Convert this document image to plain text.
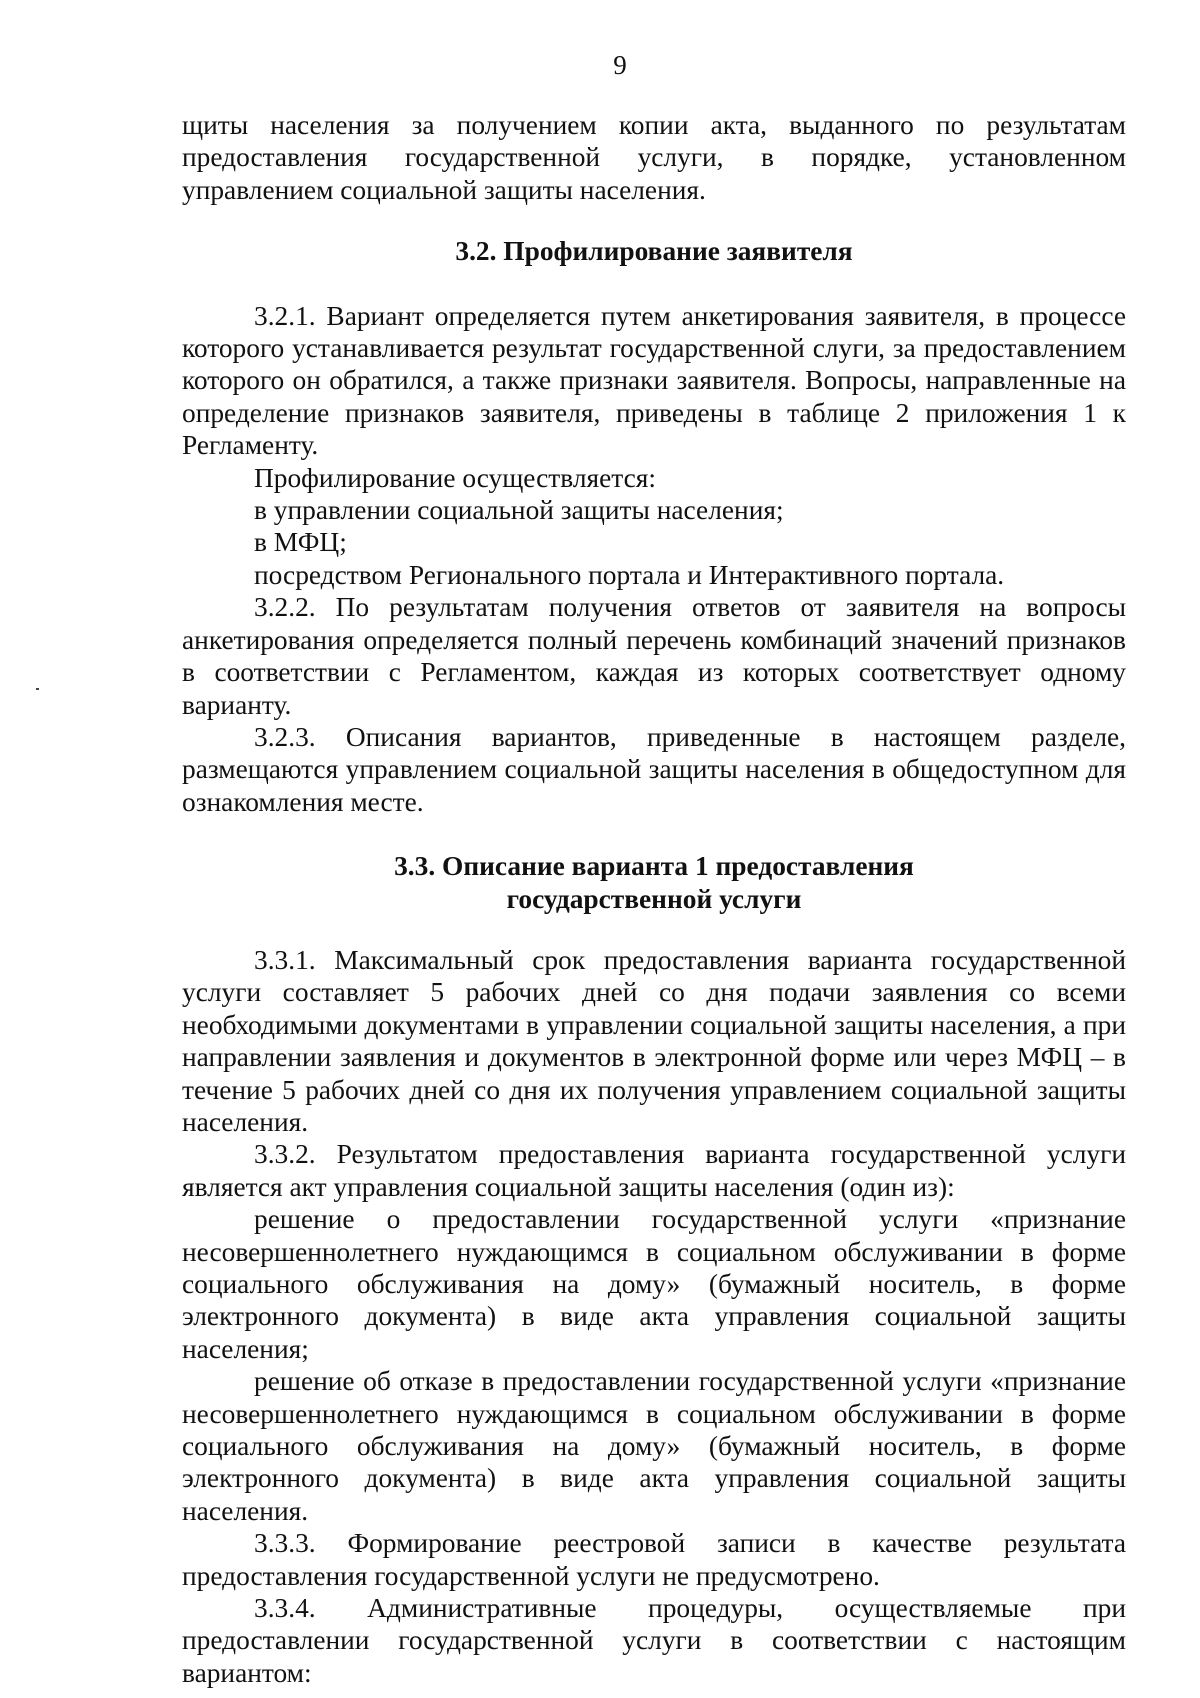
9

щиты населения за получением копии акта, выданного по результатам предоставления государственной услуги, в порядке, установленном управлением социальной защиты населения.

3.2. Профилирование заявителя

3.2.1. Вариант определяется путем анкетирования заявителя, в процессе которого устанавливается результат государственной слуги, за предоставлением которого он обратился, а также признаки заявителя. Вопросы, направленные на определение признаков заявителя, приведены в таблице 2 приложения 1 к Регламенту.

Профилирование осуществляется:

в управлении социальной защиты населения;

в МФЦ;

посредством Регионального портала и Интерактивного портала.

3.2.2. По результатам получения ответов от заявителя на вопросы анкетирования определяется полный перечень комбинаций значений признаков в соответствии с Регламентом, каждая из которых соответствует одному варианту.

3.2.3. Описания вариантов, приведенные в настоящем разделе, размещаются управлением социальной защиты населения в общедоступном для ознакомления месте.

3.3. Описание варианта 1 предоставления
государственной услуги

3.3.1. Максимальный срок предоставления варианта государственной услуги составляет 5 рабочих дней со дня подачи заявления со всеми необходимыми документами в управлении социальной защиты населения, а при направлении заявления и документов в электронной форме или через МФЦ – в течение 5 рабочих дней со дня их получения управлением социальной защиты населения.

3.3.2. Результатом предоставления варианта государственной услуги является акт управления социальной защиты населения (один из):

решение о предоставлении государственной услуги «признание несовершеннолетнего нуждающимся в социальном обслуживании в форме социального обслуживания на дому» (бумажный носитель, в форме электронного документа) в виде акта управления социальной защиты населения;

решение об отказе в предоставлении государственной услуги «признание несовершеннолетнего нуждающимся в социальном обслуживании в форме социального обслуживания на дому» (бумажный носитель, в форме электронного документа) в виде акта управления социальной защиты населения.

3.3.3. Формирование реестровой записи в качестве результата предоставления государственной услуги не предусмотрено.

3.3.4. Административные процедуры, осуществляемые при предоставлении государственной услуги в соответствии с настоящим вариантом:
